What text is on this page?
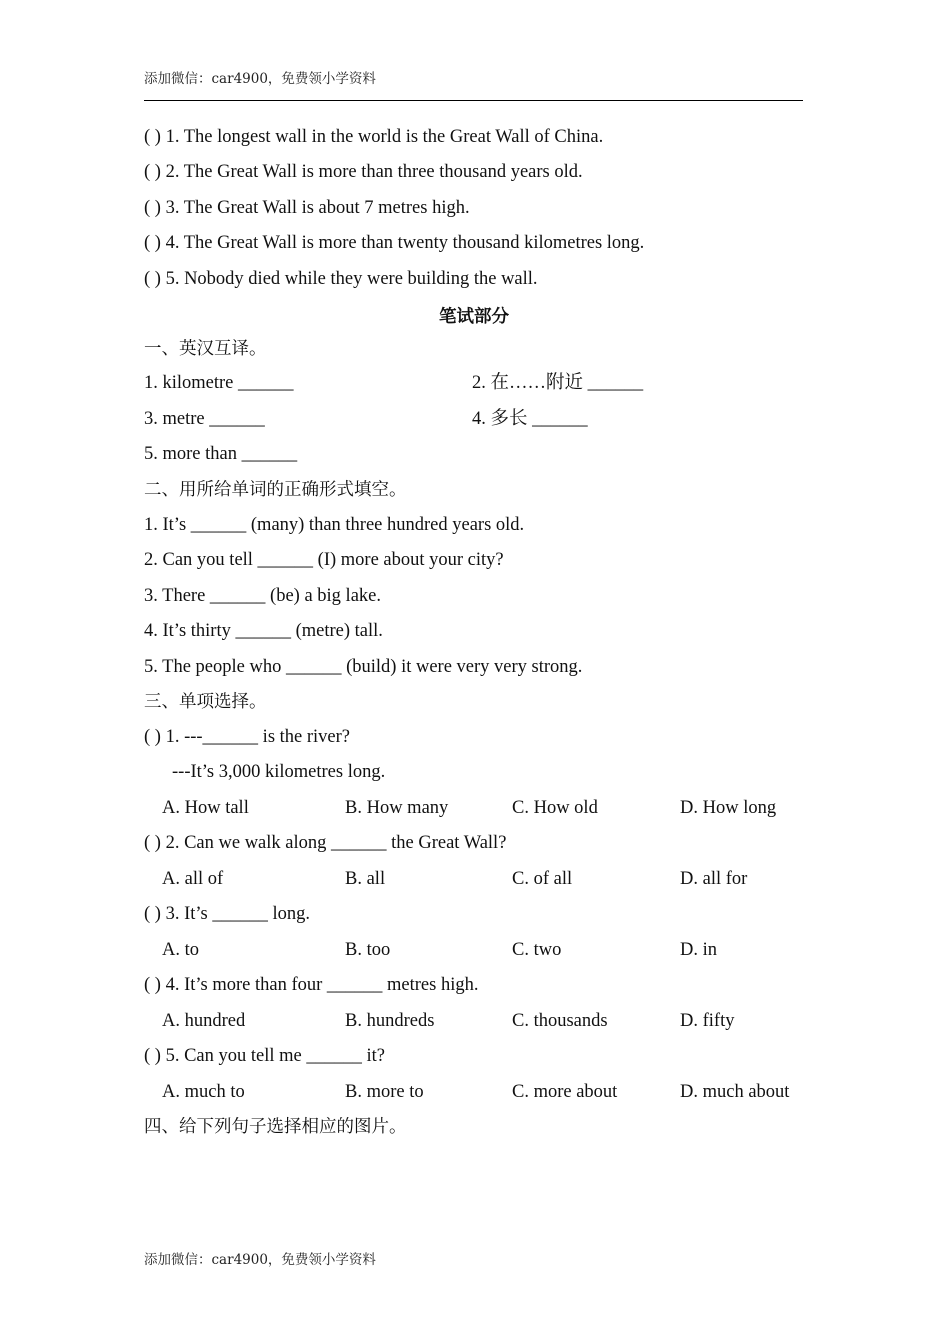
添加微信：car4900，免费领小学资料
( ) 1. The longest wall in the world is the Great Wall of China.
( ) 2. The Great Wall is more than three thousand years old.
( ) 3. The Great Wall is about 7 metres high.
( ) 4. The Great Wall is more than twenty thousand kilometres long.
( ) 5. Nobody died while they were building the wall.
笔试部分
一、英汉互译。
1. kilometre ______	2. 在……附近 ______
3. metre ______	4. 多长 ______
5. more than ______
二、用所给单词的正确形式填空。
1. It’s ______ (many) than three hundred years old.
2. Can you tell ______ (I) more about your city?
3. There ______ (be) a big lake.
4. It’s thirty ______ (metre) tall.
5. The people who ______ (build) it were very very strong.
三、单项选择。
( ) 1. ---______ is the river?
---It’s 3,000 kilometres long.
A. How tall	B. How many	C. How old	D. How long
( ) 2. Can we walk along ______ the Great Wall?
A. all of	B. all	C. of all	D. all for
( ) 3. It’s ______ long.
A. to	B. too	C. two	D. in
( ) 4. It’s more than four ______ metres high.
A. hundred	B. hundreds	C. thousands	D. fifty
( ) 5. Can you tell me ______ it?
A. much to	B. more to	C. more about	D. much about
四、给下列句子选择相应的图片。
添加微信：car4900，免费领小学资料
